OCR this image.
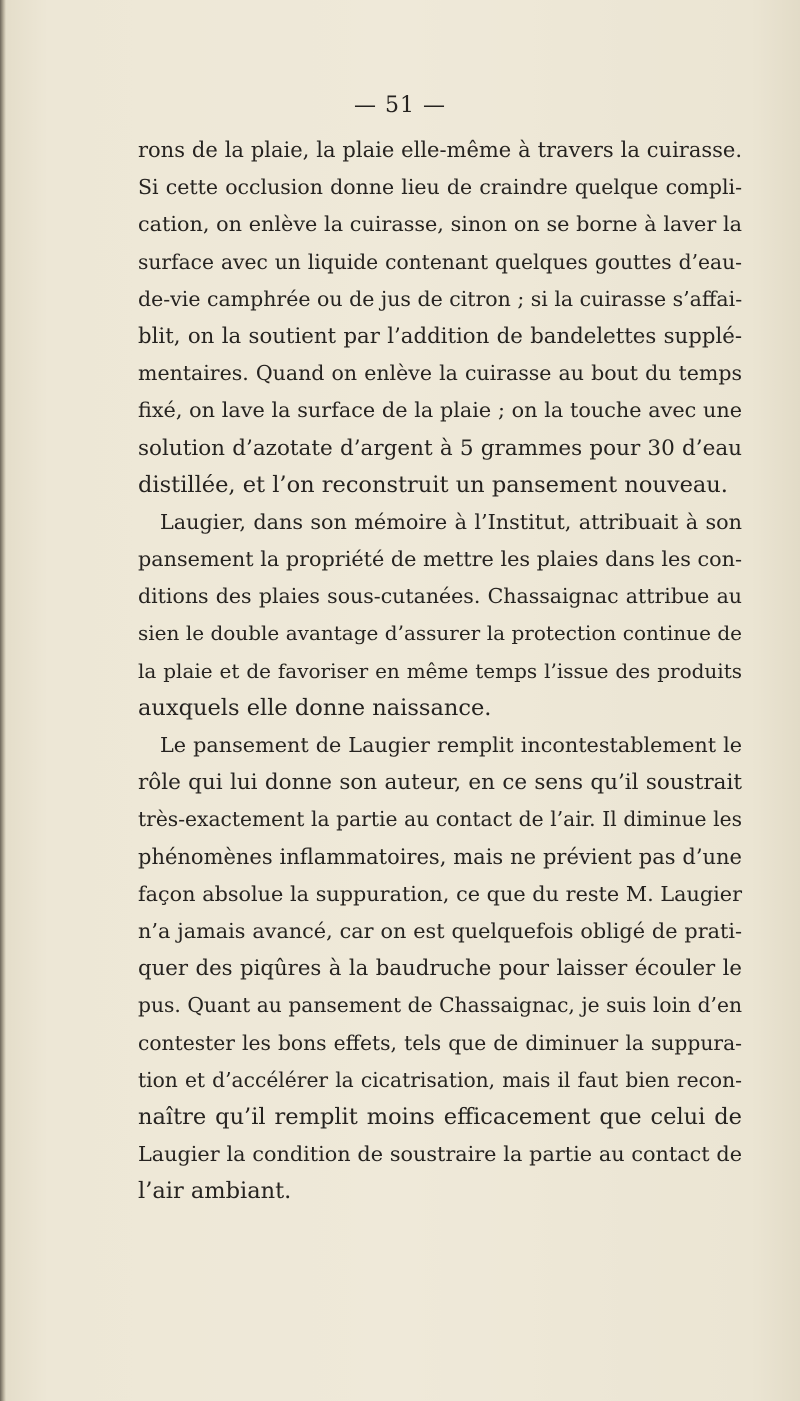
— 51 —
rons de la plaie, la plaie elle-même à travers la cuirasse.
Si cette occlusion donne lieu de craindre quelque compli-
cation, on enlève la cuirasse, sinon on se borne à laver la
surface avec un liquide contenant quelques gouttes d’eau-
de-vie camphrée ou de jus de citron ; si la cuirasse s’affai-
blit, on la soutient par l’addition de bandelettes supplé-
mentaires. Quand on enlève la cuirasse au bout du temps
fixé, on lave la surface de la plaie ; on la touche avec une
solution d’azotate d’argent à 5 grammes pour 30 d’eau
distillée, et l’on reconstruit un pansement nouveau.
Laugier, dans son mémoire à l’Institut, attribuait à son
pansement la propriété de mettre les plaies dans les con-
ditions des plaies sous-cutanées. Chassaignac attribue au
sien le double avantage d’assurer la protection continue de
la plaie et de favoriser en même temps l’issue des produits
auxquels elle donne naissance.
Le pansement de Laugier remplit incontestablement le
rôle qui lui donne son auteur, en ce sens qu’il soustrait
très-exactement la partie au contact de l’air. Il diminue les
phénomènes inflammatoires, mais ne prévient pas d’une
façon absolue la suppuration, ce que du reste M. Laugier
n’a jamais avancé, car on est quelquefois obligé de prati-
quer des piqûres à la baudruche pour laisser écouler le
pus. Quant au pansement de Chassaignac, je suis loin d’en
contester les bons effets, tels que de diminuer la suppura-
tion et d’accélérer la cicatrisation, mais il faut bien recon-
naître qu’il remplit moins efficacement que celui de
Laugier la condition de soustraire la partie au contact de
l’air ambiant.
